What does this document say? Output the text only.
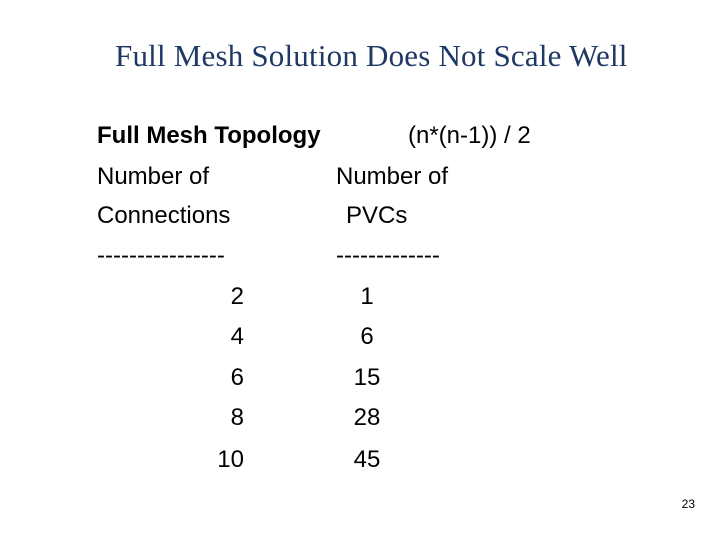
Full Mesh Solution Does Not Scale Well
Full Mesh Topology	(n*(n-1)) / 2
Number of	Number of
Connections	PVCs
----------------	-------------
2	1
4	6
6	15
8	28
10	45
23
